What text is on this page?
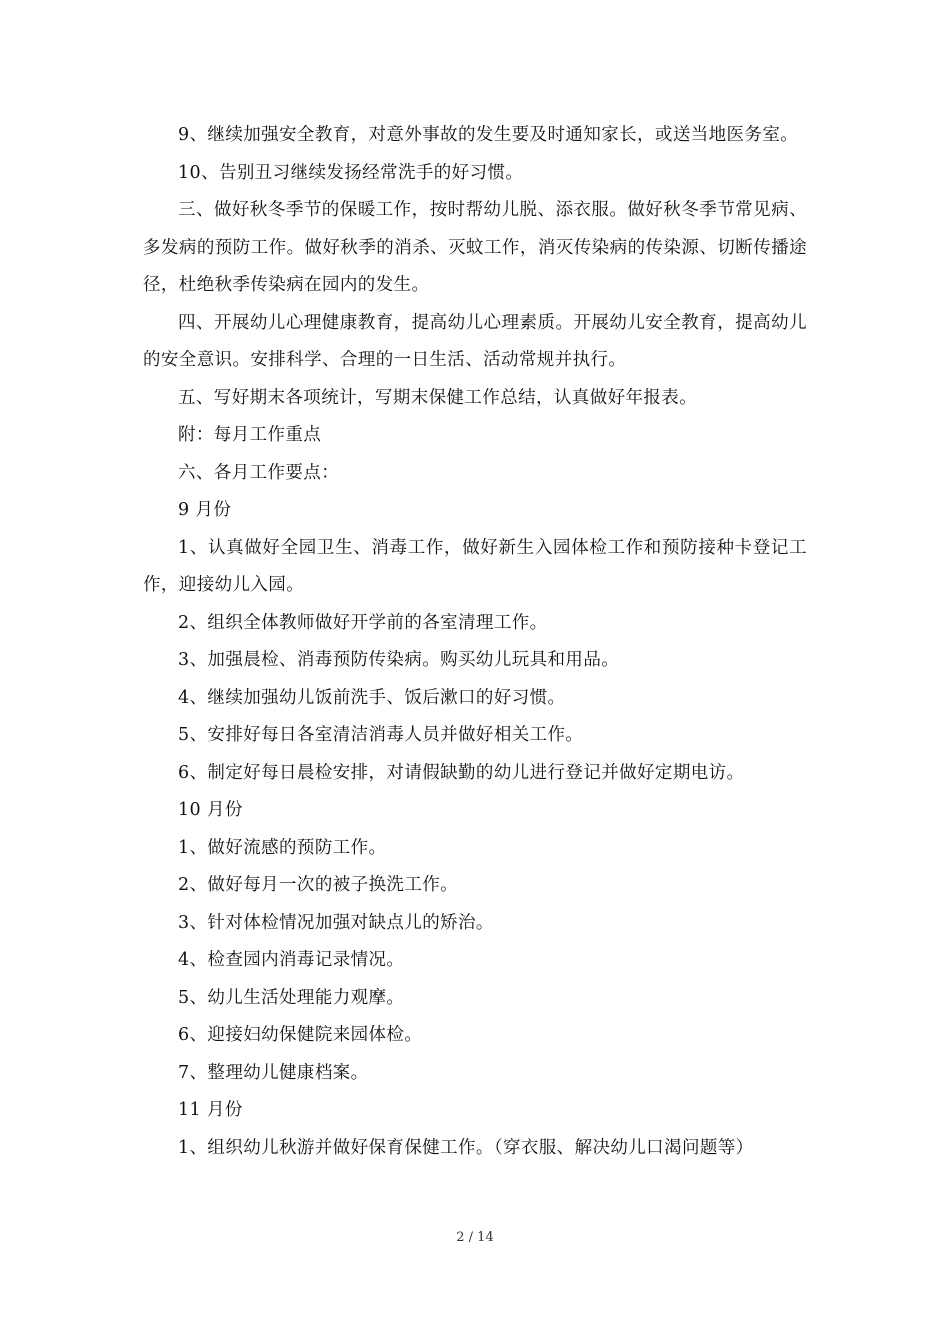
9、继续加强安全教育，对意外事故的发生要及时通知家长，或送当地医务室。

10、告别丑习继续发扬经常洗手的好习惯。

三、做好秋冬季节的保暖工作，按时帮幼儿脱、添衣服。做好秋冬季节常见病、多发病的预防工作。做好秋季的消杀、灭蚊工作，消灭传染病的传染源、切断传播途径，杜绝秋季传染病在园内的发生。

四、开展幼儿心理健康教育，提高幼儿心理素质。开展幼儿安全教育，提高幼儿的安全意识。安排科学、合理的一日生活、活动常规并执行。

五、写好期末各项统计，写期末保健工作总结，认真做好年报表。

附：每月工作重点

六、各月工作要点：

9 月份

1、认真做好全园卫生、消毒工作，做好新生入园体检工作和预防接种卡登记工作，迎接幼儿入园。

2、组织全体教师做好开学前的各室清理工作。

3、加强晨检、消毒预防传染病。购买幼儿玩具和用品。

4、继续加强幼儿饭前洗手、饭后漱口的好习惯。

5、安排好每日各室清洁消毒人员并做好相关工作。

6、制定好每日晨检安排，对请假缺勤的幼儿进行登记并做好定期电访。

10 月份

1、做好流感的预防工作。

2、做好每月一次的被子换洗工作。

3、针对体检情况加强对缺点儿的矫治。

4、检查园内消毒记录情况。

5、幼儿生活处理能力观摩。

6、迎接妇幼保健院来园体检。

7、整理幼儿健康档案。

11 月份

1、组织幼儿秋游并做好保育保健工作。（穿衣服、解决幼儿口渴问题等）

2 / 14
